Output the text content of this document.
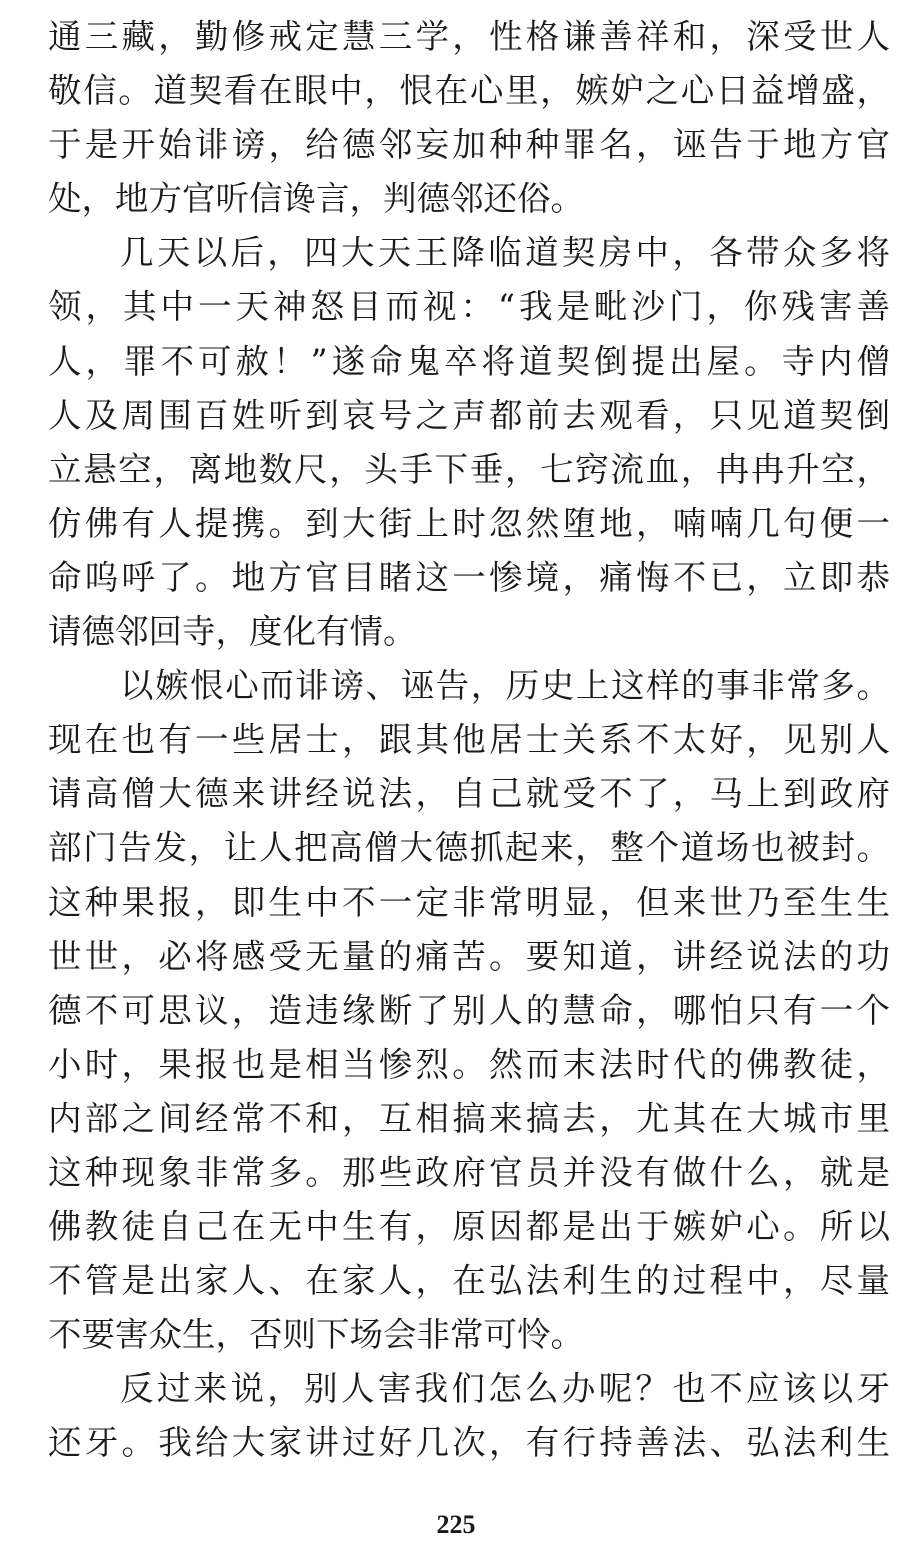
通三藏，勤修戒定慧三学，性格谦善祥和，深受世人
敬信。道契看在眼中，恨在心里，嫉妒之心日益增盛，
于是开始诽谤，给德邻妄加种种罪名，诬告于地方官
处，地方官听信谗言，判德邻还俗。
几天以后，四大天王降临道契房中，各带众多将
领，其中一天神怒目而视：“我是毗沙门，你残害善
人，罪不可赦！”遂命鬼卒将道契倒提出屋。寺内僧
人及周围百姓听到哀号之声都前去观看，只见道契倒
立悬空，离地数尺，头手下垂，七窍流血，冉冉升空，
仿佛有人提携。到大街上时忽然堕地，喃喃几句便一
命呜呼了。地方官目睹这一惨境，痛悔不已，立即恭
请德邻回寺，度化有情。
以嫉恨心而诽谤、诬告，历史上这样的事非常多。
现在也有一些居士，跟其他居士关系不太好，见别人
请高僧大德来讲经说法，自己就受不了，马上到政府
部门告发，让人把高僧大德抓起来，整个道场也被封。
这种果报，即生中不一定非常明显，但来世乃至生生
世世，必将感受无量的痛苦。要知道，讲经说法的功
德不可思议，造违缘断了别人的慧命，哪怕只有一个
小时，果报也是相当惨烈。然而末法时代的佛教徒，
内部之间经常不和，互相搞来搞去，尤其在大城市里
这种现象非常多。那些政府官员并没有做什么，就是
佛教徒自己在无中生有，原因都是出于嫉妒心。所以
不管是出家人、在家人，在弘法利生的过程中，尽量
不要害众生，否则下场会非常可怜。
反过来说，别人害我们怎么办呢？也不应该以牙
还牙。我给大家讲过好几次，有行持善法、弘法利生
225
